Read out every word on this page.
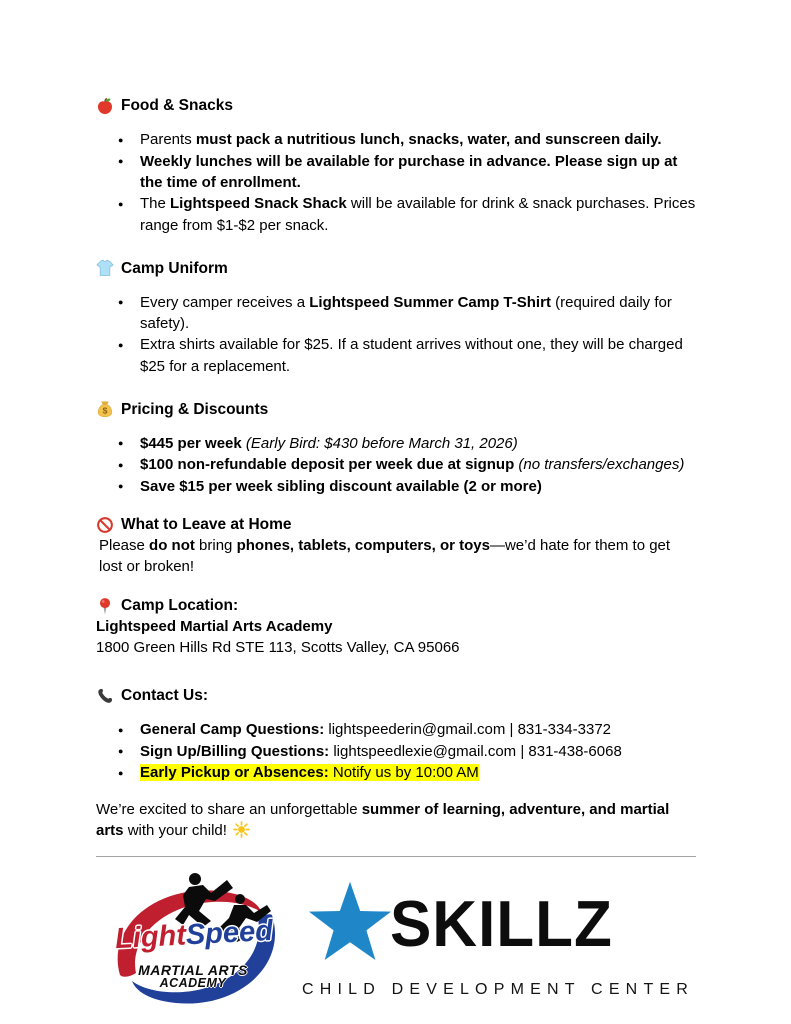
Food & Snacks
● Parents must pack a nutritious lunch, snacks, water, and sunscreen daily.
● Weekly lunches will be available for purchase in advance. Please sign up at the time of enrollment.
● The Lightspeed Snack Shack will be available for drink & snack purchases. Prices range from $1-$2 per snack.
Camp Uniform
● Every camper receives a Lightspeed Summer Camp T-Shirt (required daily for safety).
● Extra shirts available for $25. If a student arrives without one, they will be charged $25 for a replacement.
$ Pricing & Discounts
● $445 per week (Early Bird: $430 before March 31, 2026)
● $100 non-refundable deposit per week due at signup (no transfers/exchanges)
● Save $15 per week sibling discount available (2 or more)
What to Leave at Home

Please do not bring phones, tablets, computers, or toys—we’d hate for them to get lost or broken!

Camp Location:
Lightspeed Martial Arts Academy
1800 Green Hills Rd STE 113, Scotts Valley, CA 95066
Contact Us:
● General Camp Questions: lightspeederin@gmail.com | 831-334-3372
● Sign Up/Billing Questions: lightspeedlexie@gmail.com | 831-438-6068
● Early Pickup or Absences: Notify us by 10:00 AM

We’re excited to share an unforgettable summer of learning, adventure, and martial arts with your child!

LightSpeed
MARTIAL ARTS
ACADEMY
SKILLZ
CHILD DEVELOPMENT CENTER
